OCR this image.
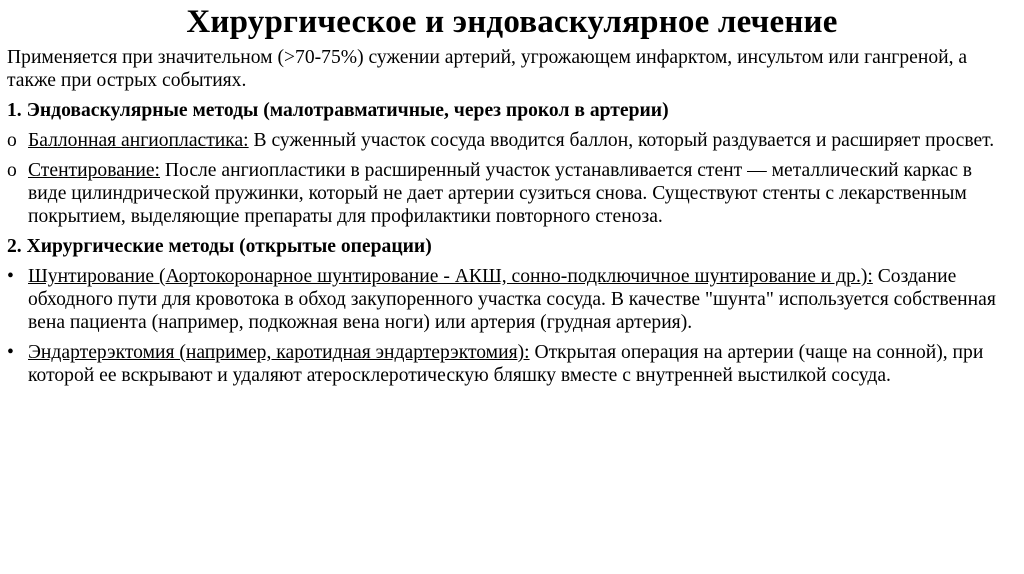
Хирургическое и эндоваскулярное лечение

Применяется при значительном (>70-75%) сужении артерий, угрожающем инфарктом, инсультом или гангреной, а также при острых событиях.

1. Эндоваскулярные методы (малотравматичные, через прокол в артерии)

o Баллонная ангиопластика: В суженный участок сосуда вводится баллон, который раздувается и расширяет просвет.
o Стентирование: После ангиопластики в расширенный участок устанавливается стент — металлический каркас в виде цилиндрической пружинки, который не дает артерии сузиться снова. Существуют стенты с лекарственным покрытием, выделяющие препараты для профилактики повторного стеноза.

2. Хирургические методы (открытые операции)

• Шунтирование (Аортокоронарное шунтирование - АКШ, сонно-подключичное шунтирование и др.): Создание обходного пути для кровотока в обход закупоренного участка сосуда. В качестве "шунта" используется собственная вена пациента (например, подкожная вена ноги) или артерия (грудная артерия).
• Эндартерэктомия (например, каротидная эндартерэктомия): Открытая операция на артерии (чаще на сонной), при которой ее вскрывают и удаляют атеросклеротическую бляшку вместе с внутренней выстилкой сосуда.
